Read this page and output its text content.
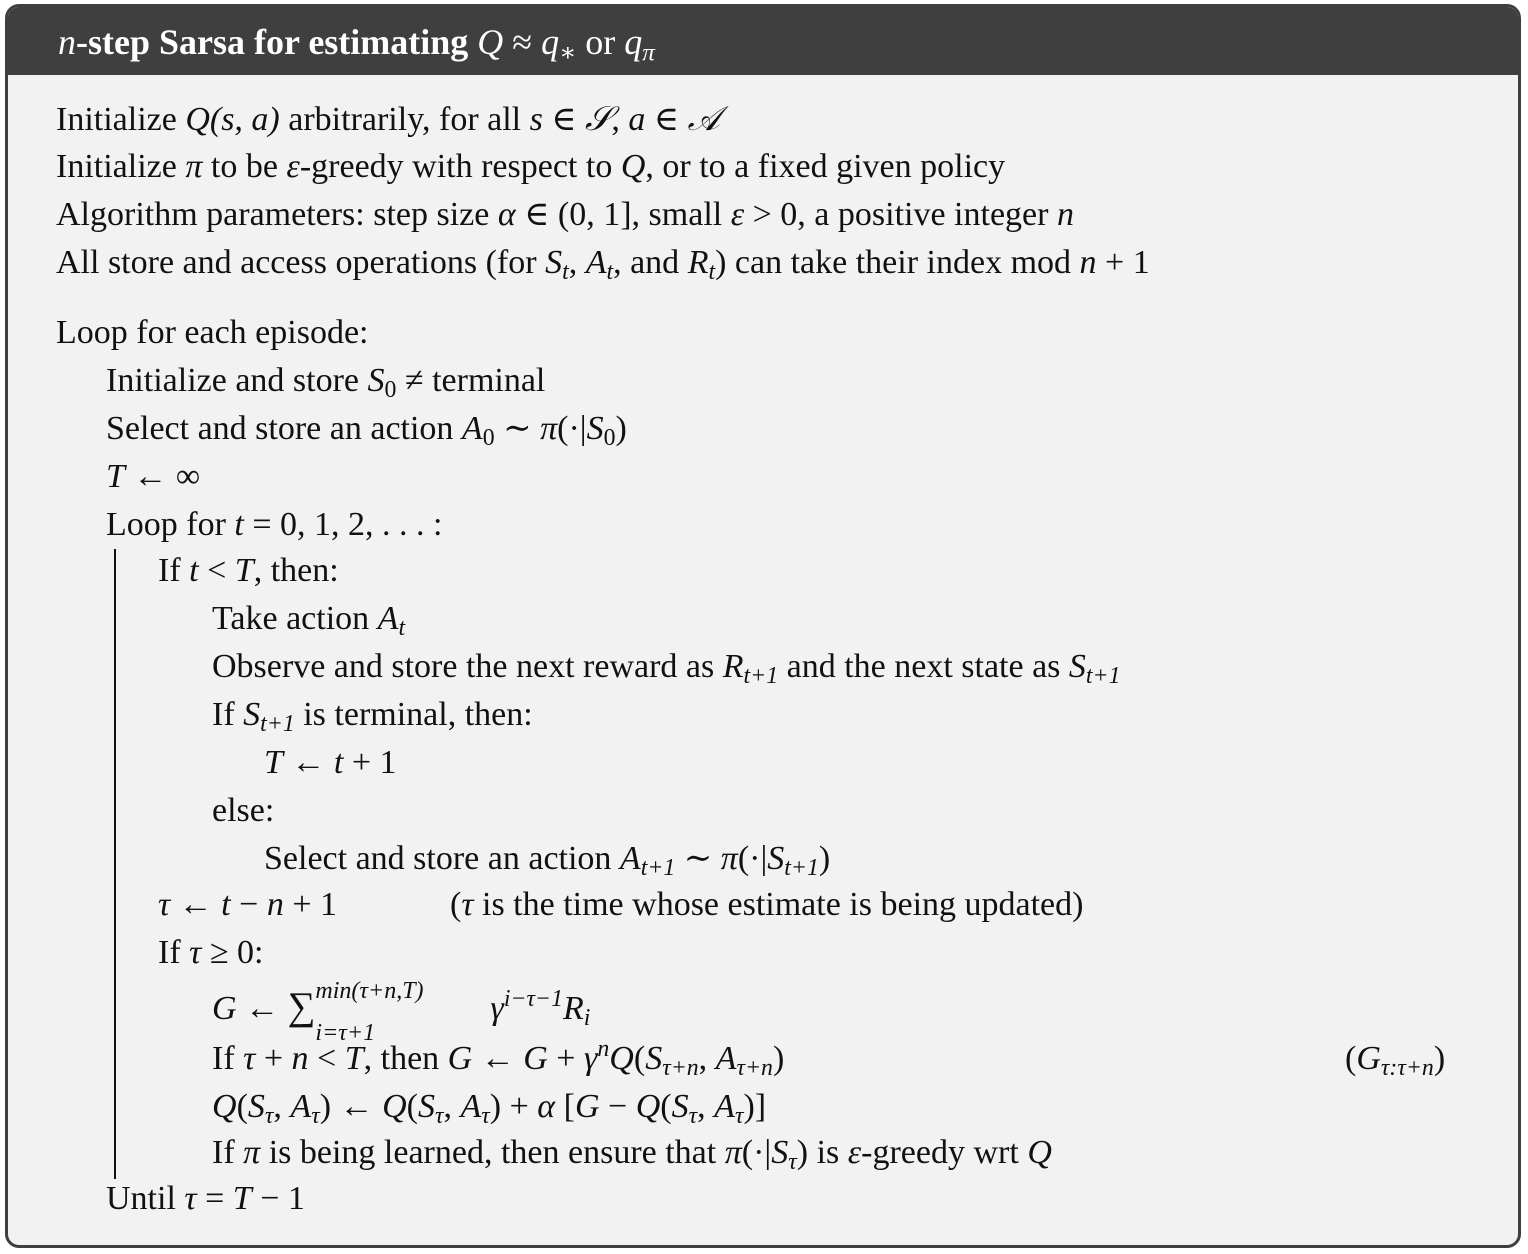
n-step Sarsa for estimating $Q \approx q_∗$ or $q_\pi$
Initialize Q(s, a) arbitrarily, for all s ∈ 𝒮, a ∈ 𝒜
Initialize π to be ε-greedy with respect to Q, or to a fixed given policy
Algorithm parameters: step size α ∈ (0, 1], small ε > 0, a positive integer n
All store and access operations (for $S_t$, $A_t$, and $R_t$) can take their index mod n + 1
Loop for each episode:
Initialize and store $S_0$ ≠ terminal
Select and store an action $A_0$ ∼ $\pi(\cdot|S_0)$
T ← ∞
Loop for t = 0, 1, 2, . . . :
If t < T, then:
Take action $A_t$
Observe and store the next reward as $R_{t+1}$ and the next state as $S_{t+1}$
If $S_{t+1}$ is terminal, then:
T ← t + 1
else:
Select and store an action $A_{t+1}$ ∼ $\pi(\cdot|S_{t+1})$
τ ← t − n + 1	(τ is the time whose estimate is being updated)
If τ ≥ 0:
G ← ∑ min(τ+n,T)
i=τ+1
$\gamma^{i-\tau-1}R_i$
If τ + n < T, then G ← $G + \gamma^nQ(S_{\tau+n}$, $A_{\tau+n}$)	$(G_{\tau:\tau+n})$
$Q(S_\tau$, $A_\tau$) ← $Q(S_\tau$, $A_\tau) + \alpha$ [$G - Q(S_\tau$, $A_\tau$)]
If π is being learned, then ensure that $\pi(\cdot|S_\tau)$ is ε-greedy wrt Q
Until τ = T − 1
